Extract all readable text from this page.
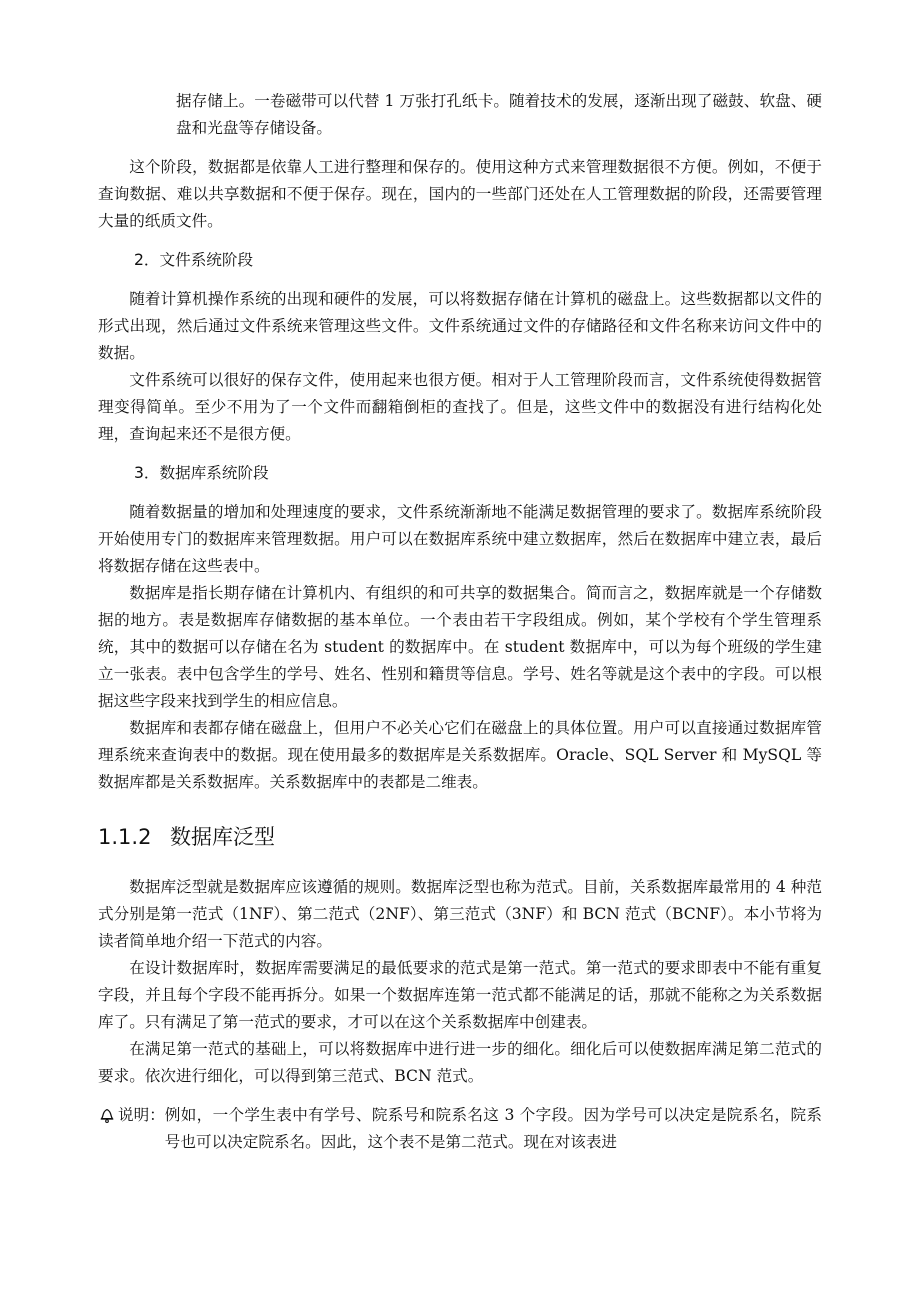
据存储上。一卷磁带可以代替 1 万张打孔纸卡。随着技术的发展，逐渐出现了磁鼓、软盘、硬盘和光盘等存储设备。

这个阶段，数据都是依靠人工进行整理和保存的。使用这种方式来管理数据很不方便。例如，不便于查询数据、难以共享数据和不便于保存。现在，国内的一些部门还处在人工管理数据的阶段，还需要管理大量的纸质文件。

2．文件系统阶段

随着计算机操作系统的出现和硬件的发展，可以将数据存储在计算机的磁盘上。这些数据都以文件的形式出现，然后通过文件系统来管理这些文件。文件系统通过文件的存储路径和文件名称来访问文件中的数据。

文件系统可以很好的保存文件，使用起来也很方便。相对于人工管理阶段而言，文件系统使得数据管理变得简单。至少不用为了一个文件而翻箱倒柜的查找了。但是，这些文件中的数据没有进行结构化处理，查询起来还不是很方便。

3．数据库系统阶段

随着数据量的增加和处理速度的要求，文件系统渐渐地不能满足数据管理的要求了。数据库系统阶段开始使用专门的数据库来管理数据。用户可以在数据库系统中建立数据库，然后在数据库中建立表，最后将数据存储在这些表中。

数据库是指长期存储在计算机内、有组织的和可共享的数据集合。简而言之，数据库就是一个存储数据的地方。表是数据库存储数据的基本单位。一个表由若干字段组成。例如，某个学校有个学生管理系统，其中的数据可以存储在名为 student 的数据库中。在 student 数据库中，可以为每个班级的学生建立一张表。表中包含学生的学号、姓名、性别和籍贯等信息。学号、姓名等就是这个表中的字段。可以根据这些字段来找到学生的相应信息。

数据库和表都存储在磁盘上，但用户不必关心它们在磁盘上的具体位置。用户可以直接通过数据库管理系统来查询表中的数据。现在使用最多的数据库是关系数据库。Oracle、SQL Server 和 MySQL 等数据库都是关系数据库。关系数据库中的表都是二维表。

1.1.2 数据库泛型

数据库泛型就是数据库应该遵循的规则。数据库泛型也称为范式。目前，关系数据库最常用的 4 种范式分别是第一范式（1NF）、第二范式（2NF）、第三范式（3NF）和 BCN 范式（BCNF）。本小节将为读者简单地介绍一下范式的内容。

在设计数据库时，数据库需要满足的最低要求的范式是第一范式。第一范式的要求即表中不能有重复字段，并且每个字段不能再拆分。如果一个数据库连第一范式都不能满足的话，那就不能称之为关系数据库了。只有满足了第一范式的要求，才可以在这个关系数据库中创建表。

在满足第一范式的基础上，可以将数据库中进行进一步的细化。细化后可以使数据库满足第二范式的要求。依次进行细化，可以得到第三范式、BCN 范式。

说明： 例如，一个学生表中有学号、院系号和院系名这 3 个字段。因为学号可以决定是院系名，院系号也可以决定院系名。因此，这个表不是第二范式。现在对该表进
